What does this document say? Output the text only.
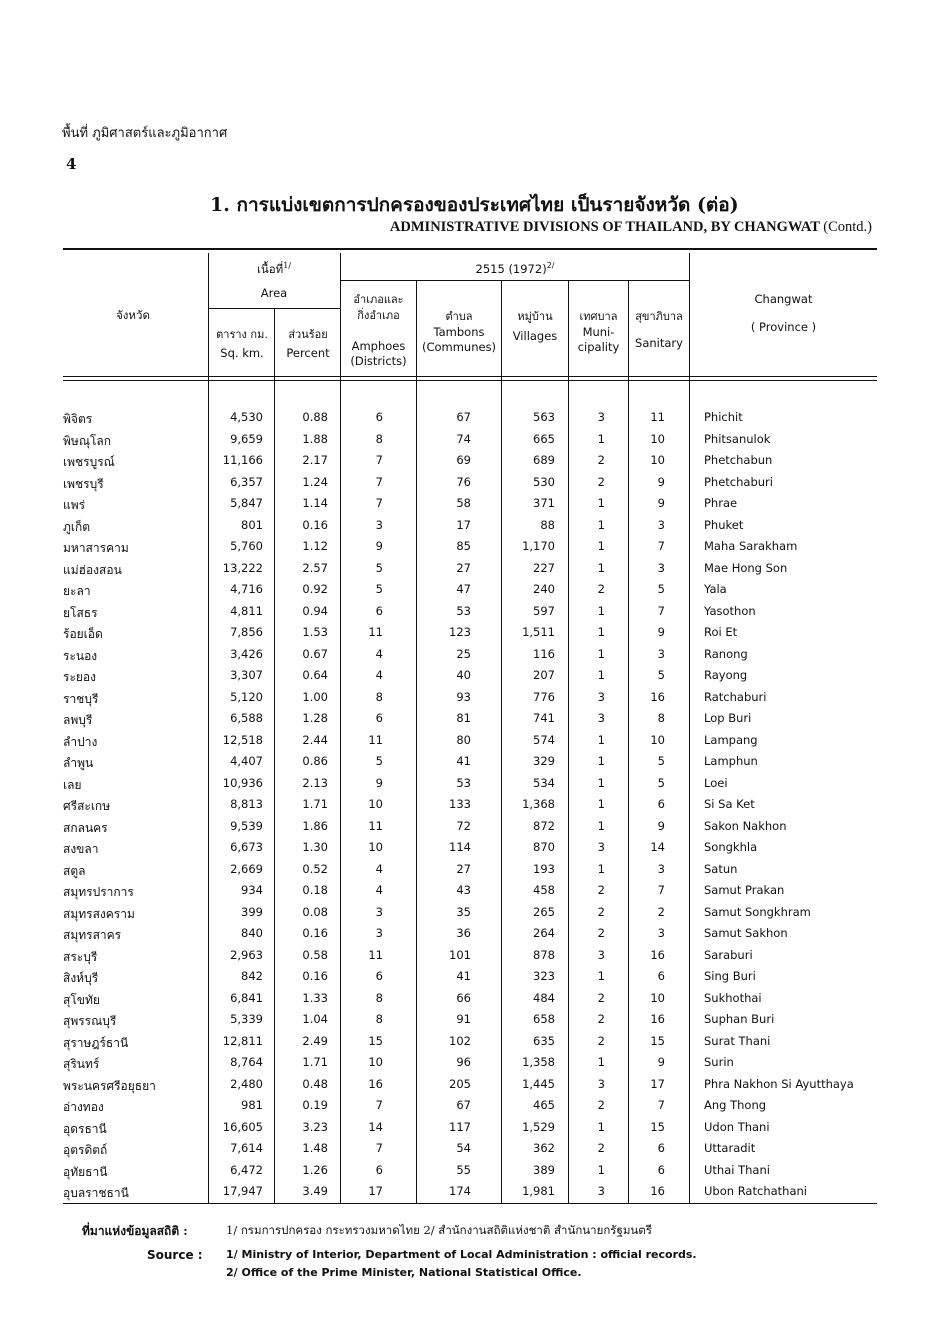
พื้นที่ ภูมิศาสตร์และภูมิอากาศ
4
1. การแบ่งเขตการปกครองของประเทศไทย เป็นรายจังหวัด (ต่อ)
ADMINISTRATIVE DIVISIONS OF THAILAND, BY CHANGWAT (Contd.)
จังหวัด
เนื้อที่$^{1/}$
Area
ตาราง กม.
Sq. km.
ส่วนร้อย
Percent
2515 $(1972)^{2/}$
อำเภอและ
กิ่งอำเภอ
Amphoes
(Districts)
ตำบล
Tambons
(Communes)
หมู่บ้าน
Villages
เทศบาล
Muni-
cipality
สุขาภิบาล
Sanitary
Changwat
( Province )
พิจิตร	4,530	0.88	6	67	563	3	11	Phichit
พิษณุโลก	9,659	1.88	8	74	665	1	10	Phitsanulok
เพชรบูรณ์	11,166	2.17	7	69	689	2	10	Phetchabun
เพชรบุรี	6,357	1.24	7	76	530	2	9	Phetchaburi
แพร่	5,847	1.14	7	58	371	1	9	Phrae
ภูเก็ต	801	0.16	3	17	88	1	3	Phuket
มหาสารคาม	5,760	1.12	9	85	1,170	1	7	Maha Sarakham
แม่ฮ่องสอน	13,222	2.57	5	27	227	1	3	Mae Hong Son
ยะลา	4,716	0.92	5	47	240	2	5	Yala
ยโสธร	4,811	0.94	6	53	597	1	7	Yasothon
ร้อยเอ็ด	7,856	1.53	11	123	1,511	1	9	Roi Et
ระนอง	3,426	0.67	4	25	116	1	3	Ranong
ระยอง	3,307	0.64	4	40	207	1	5	Rayong
ราชบุรี	5,120	1.00	8	93	776	3	16	Ratchaburi
ลพบุรี	6,588	1.28	6	81	741	3	8	Lop Buri
ลำปาง	12,518	2.44	11	80	574	1	10	Lampang
ลำพูน	4,407	0.86	5	41	329	1	5	Lamphun
เลย	10,936	2.13	9	53	534	1	5	Loei
ศรีสะเกษ	8,813	1.71	10	133	1,368	1	6	Si Sa Ket
สกลนคร	9,539	1.86	11	72	872	1	9	Sakon Nakhon
สงขลา	6,673	1.30	10	114	870	3	14	Songkhla
สตูล	2,669	0.52	4	27	193	1	3	Satun
สมุทรปราการ	934	0.18	4	43	458	2	7	Samut Prakan
สมุทรสงคราม	399	0.08	3	35	265	2	2	Samut Songkhram
สมุทรสาคร	840	0.16	3	36	264	2	3	Samut Sakhon
สระบุรี	2,963	0.58	11	101	878	3	16	Saraburi
สิงห์บุรี	842	0.16	6	41	323	1	6	Sing Buri
สุโขทัย	6,841	1.33	8	66	484	2	10	Sukhothai
สุพรรณบุรี	5,339	1.04	8	91	658	2	16	Suphan Buri
สุราษฎร์ธานี	12,811	2.49	15	102	635	2	15	Surat Thani
สุรินทร์	8,764	1.71	10	96	1,358	1	9	Surin
พระนครศรีอยุธยา	2,480	0.48	16	205	1,445	3	17	Phra Nakhon Si Ayutthaya
อ่างทอง	981	0.19	7	67	465	2	7	Ang Thong
อุดรธานี	16,605	3.23	14	117	1,529	1	15	Udon Thani
อุตรดิตถ์	7,614	1.48	7	54	362	2	6	Uttaradit
อุทัยธานี	6,472	1.26	6	55	389	1	6	Uthai Thani
อุบลราชธานี	17,947	3.49	17	174	1,981	3	16	Ubon Ratchathani
ที่มาแห่งข้อมูลสถิติ :	1/ กรมการปกครอง กระทรวงมหาดไทย 2/ สำนักงานสถิติแห่งชาติ สำนักนายกรัฐมนตรี
Source : 1/ Ministry of Interior, Department of Local Administration : official records.
2/ Office of the Prime Minister, National Statistical Office.
